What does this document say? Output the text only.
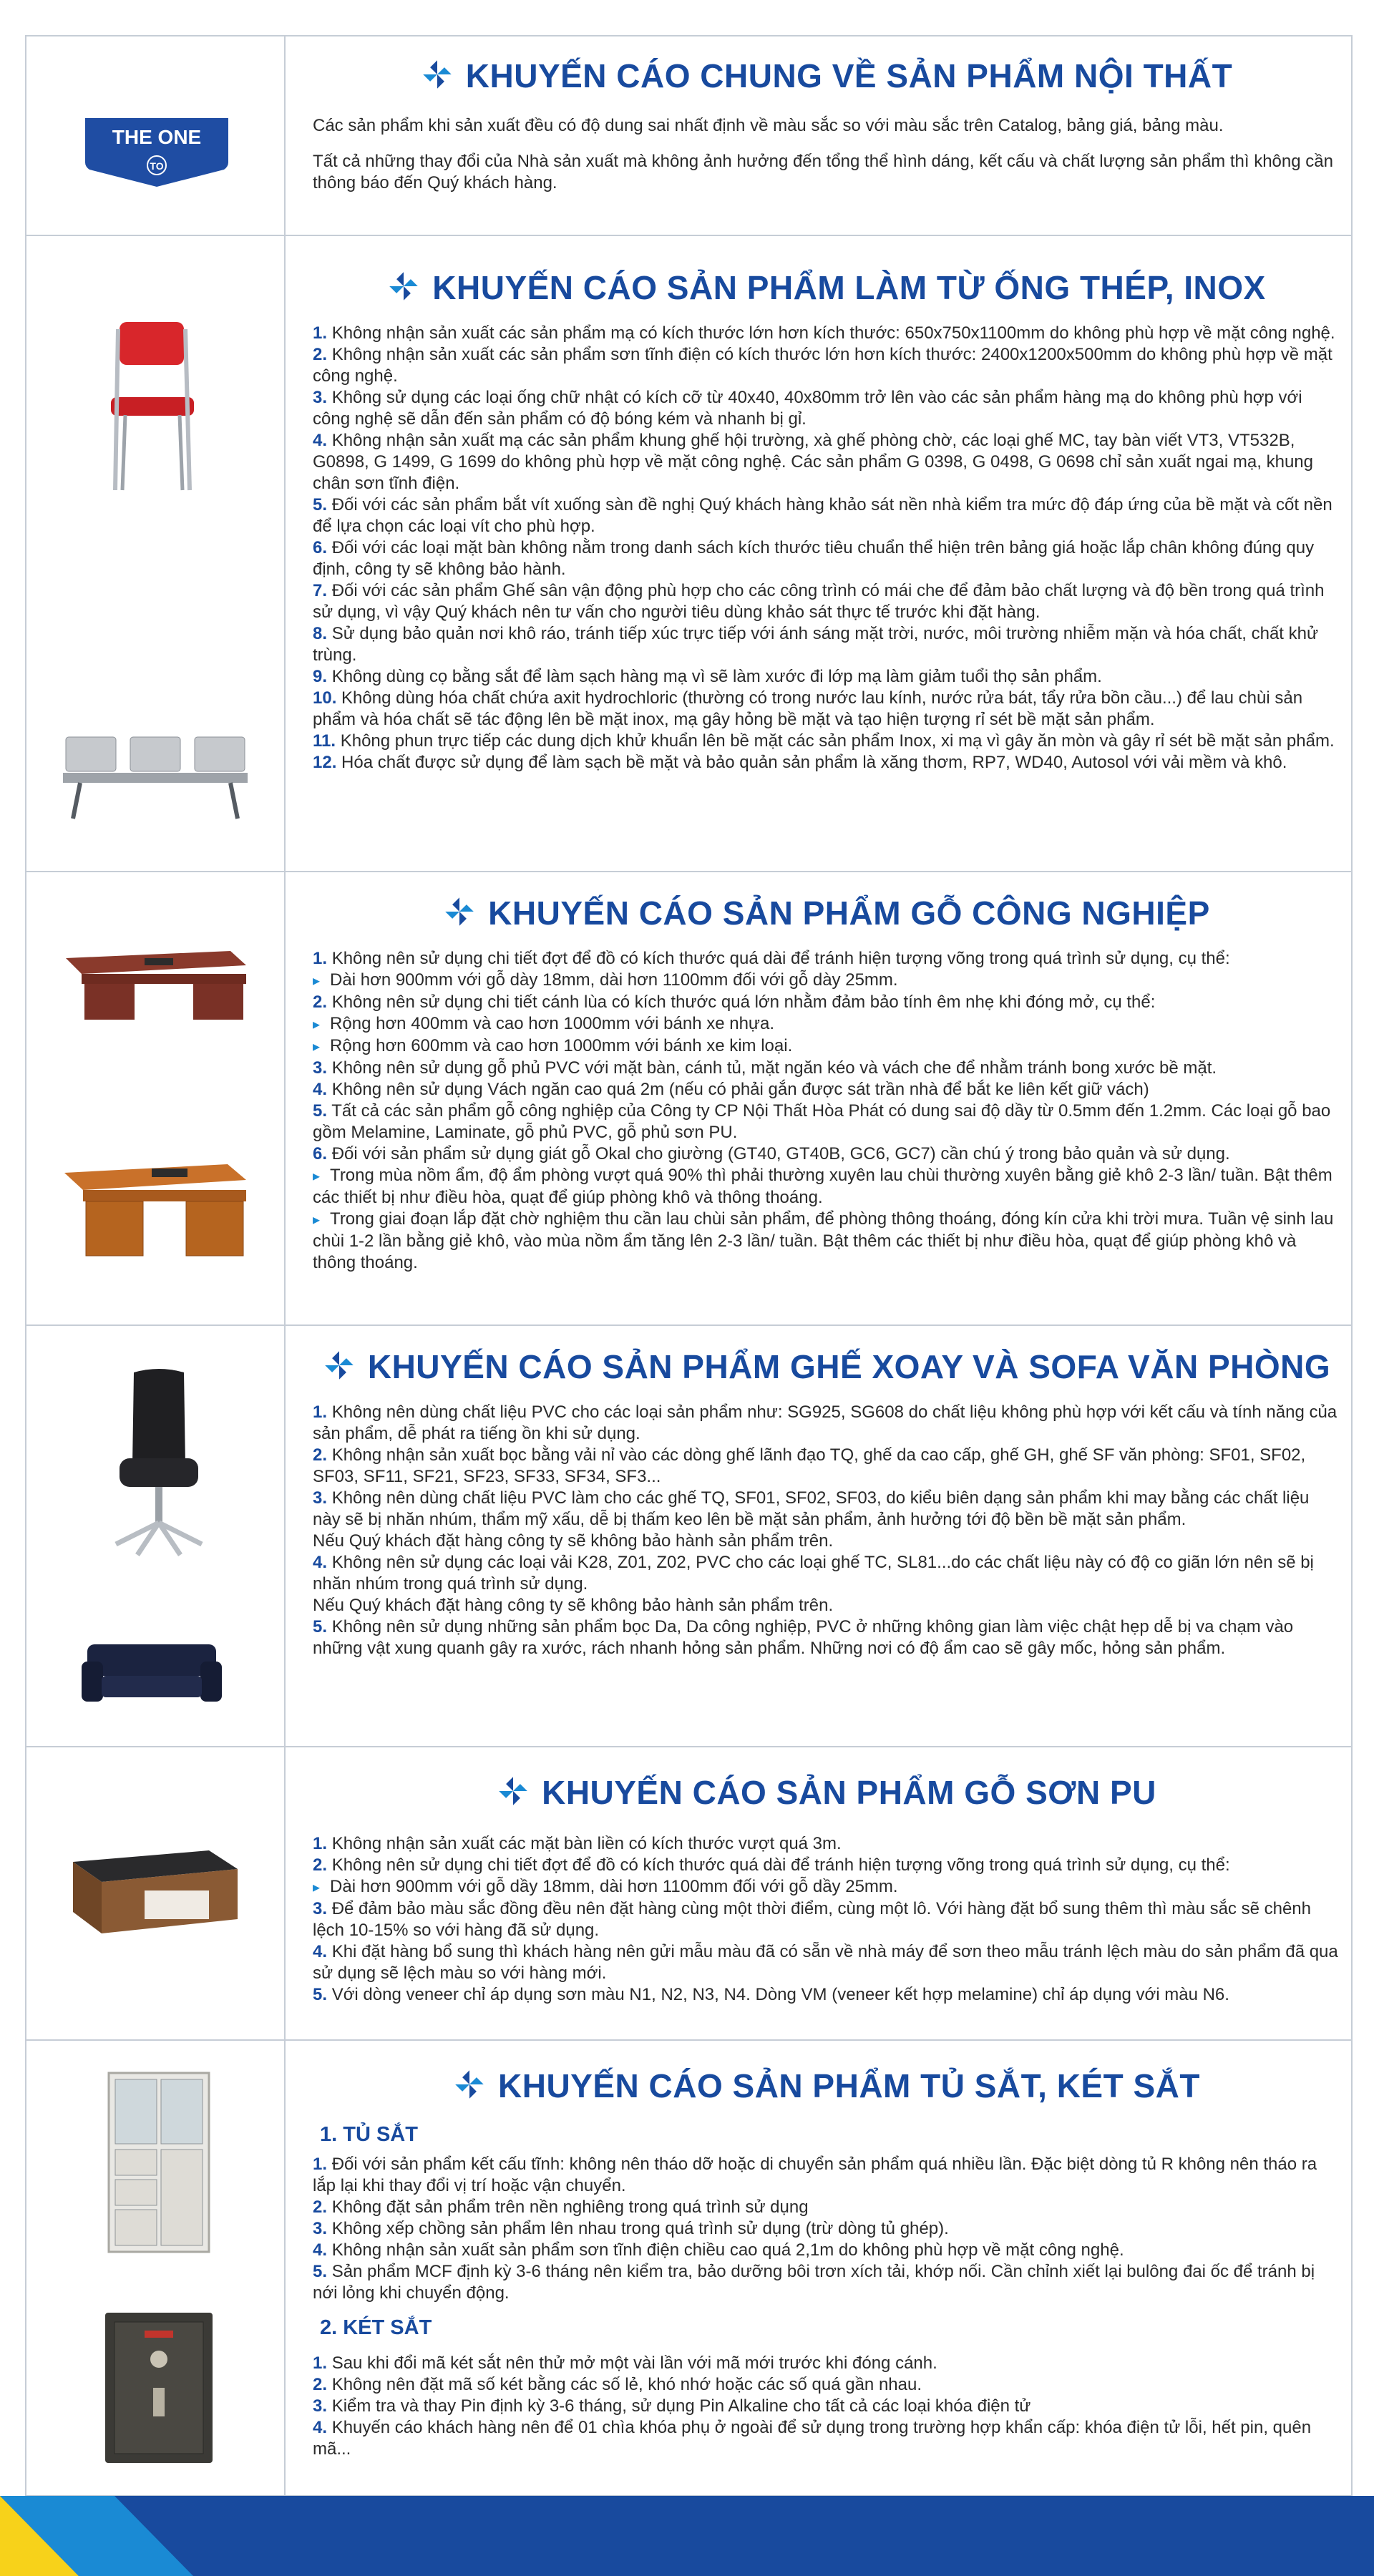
THE ONE
TO
KHUYẾN CÁO CHUNG VỀ SẢN PHẨM NỘI THẤT

Các sản phẩm khi sản xuất đều có độ dung sai nhất định về màu sắc so với màu sắc trên Catalog, bảng giá, bảng màu.

Tất cả những thay đổi của Nhà sản xuất mà không ảnh hưởng đến tổng thể hình dáng, kết cấu và chất lượng sản phẩm thì không cần thông báo đến Quý khách hàng.

KHUYẾN CÁO SẢN PHẨM LÀM TỪ ỐNG THÉP, INOX

1. Không nhận sản xuất các sản phẩm mạ có kích thước lớn hơn kích thước: 650x750x1100mm do không phù hợp về mặt công nghệ.

2. Không nhận sản xuất các sản phẩm sơn tĩnh điện có kích thước lớn hơn kích thước: 2400x1200x500mm do không phù hợp về mặt công nghệ.

3. Không sử dụng các loại ống chữ nhật có kích cỡ từ 40x40, 40x80mm trở lên vào các sản phẩm hàng mạ do không phù hợp với công nghệ sẽ dẫn đến sản phẩm có độ bóng kém và nhanh bị gỉ.

4. Không nhận sản xuất mạ các sản phẩm khung ghế hội trường, xà ghế phòng chờ, các loại ghế MC, tay bàn viết VT3, VT532B, G0898, G 1499, G 1699 do không phù hợp về mặt công nghệ. Các sản phẩm G 0398, G 0498, G 0698 chỉ sản xuất ngai mạ, khung chân sơn tĩnh điện.

5. Đối với các sản phẩm bắt vít xuống sàn đề nghị Quý khách hàng khảo sát nền nhà kiểm tra mức độ đáp ứng của bề mặt và cốt nền để lựa chọn các loại vít cho phù hợp.

6. Đối với các loại mặt bàn không nằm trong danh sách kích thước tiêu chuẩn thể hiện trên bảng giá hoặc lắp chân không đúng quy định, công ty sẽ không bảo hành.

7. Đối với các sản phẩm Ghế sân vận động phù hợp cho các công trình có mái che để đảm bảo chất lượng và độ bền trong quá trình sử dụng, vì vậy Quý khách nên tư vấn cho người tiêu dùng khảo sát thực tế trước khi đặt hàng.

8. Sử dụng bảo quản nơi khô ráo, tránh tiếp xúc trực tiếp với ánh sáng mặt trời, nước, môi trường nhiễm mặn và hóa chất, chất khử trùng.

9. Không dùng cọ bằng sắt để làm sạch hàng mạ vì sẽ làm xước đi lớp mạ làm giảm tuổi thọ sản phẩm.

10. Không dùng hóa chất chứa axit hydrochloric (thường có trong nước lau kính, nước rửa bát, tẩy rửa bồn cầu...) để lau chùi sản phẩm và hóa chất sẽ tác động lên bề mặt inox, mạ gây hỏng bề mặt và tạo hiện tượng rỉ sét bề mặt sản phẩm.

11. Không phun trực tiếp các dung dịch khử khuẩn lên bề mặt các sản phẩm Inox, xi mạ vì gây ăn mòn và gây rỉ sét bề mặt sản phẩm.

12. Hóa chất được sử dụng để làm sạch bề mặt và bảo quản sản phẩm là xăng thơm, RP7, WD40, Autosol với vải mềm và khô.

KHUYẾN CÁO SẢN PHẨM GỖ CÔNG NGHIỆP

1. Không nên sử dụng chi tiết đợt để đồ có kích thước quá dài để tránh hiện tượng võng trong quá trình sử dụng, cụ thể:

▸ Dài hơn 900mm với gỗ dày 18mm, dài hơn 1100mm đối với gỗ dày 25mm.

2. Không nên sử dụng chi tiết cánh lùa có kích thước quá lớn nhằm đảm bảo tính êm nhẹ khi đóng mở, cụ thể:

▸ Rộng hơn 400mm và cao hơn 1000mm với bánh xe nhựa.

▸ Rộng hơn 600mm và cao hơn 1000mm với bánh xe kim loại.

3. Không nên sử dụng gỗ phủ PVC với mặt bàn, cánh tủ, mặt ngăn kéo và vách che để nhằm tránh bong xước bề mặt.

4. Không nên sử dụng Vách ngăn cao quá 2m (nếu có phải gắn được sát trần nhà để bắt ke liên kết giữ vách)

5. Tất cả các sản phẩm gỗ công nghiệp của Công ty CP Nội Thất Hòa Phát có dung sai độ dầy từ 0.5mm đến 1.2mm. Các loại gỗ bao gồm Melamine, Laminate, gỗ phủ PVC, gỗ phủ sơn PU.

6. Đối với sản phẩm sử dụng giát gỗ Okal cho giường (GT40, GT40B, GC6, GC7) cần chú ý trong bảo quản và sử dụng.

▸ Trong mùa nồm ẩm, độ ẩm phòng vượt quá 90% thì phải thường xuyên lau chùi thường xuyên bằng giẻ khô 2-3 lần/ tuần. Bật thêm các thiết bị như điều hòa, quạt để giúp phòng khô và thông thoáng.

▸ Trong giai đoạn lắp đặt chờ nghiệm thu cần lau chùi sản phẩm, để phòng thông thoáng, đóng kín cửa khi trời mưa. Tuần vệ sinh lau chùi 1-2 lần bằng giẻ khô, vào mùa nồm ẩm tăng lên 2-3 lần/ tuần. Bật thêm các thiết bị như điều hòa, quạt để giúp phòng khô và thông thoáng.

KHUYẾN CÁO SẢN PHẨM GHẾ XOAY VÀ SOFA VĂN PHÒNG

1. Không nên dùng chất liệu PVC cho các loại sản phẩm như: SG925, SG608 do chất liệu không phù hợp với kết cấu và tính năng của sản phẩm, dễ phát ra tiếng ồn khi sử dụng.

2. Không nhận sản xuất bọc bằng vải nỉ vào các dòng ghế lãnh đạo TQ, ghế da cao cấp, ghế GH, ghế SF văn phòng: SF01, SF02, SF03, SF11, SF21, SF23, SF33, SF34, SF3...

3. Không nên dùng chất liệu PVC làm cho các ghế TQ, SF01, SF02, SF03, do kiểu biên dạng sản phẩm khi may bằng các chất liệu này sẽ bị nhăn nhúm, thẩm mỹ xấu, dễ bị thấm keo lên bề mặt sản phẩm, ảnh hưởng tới độ bền bề mặt sản phẩm.

Nếu Quý khách đặt hàng công ty sẽ không bảo hành sản phẩm trên.

4. Không nên sử dụng các loại vải K28, Z01, Z02, PVC cho các loại ghế TC, SL81...do các chất liệu này có độ co giãn lớn nên sẽ bị nhăn nhúm trong quá trình sử dụng.

Nếu Quý khách đặt hàng công ty sẽ không bảo hành sản phẩm trên.

5. Không nên sử dụng những sản phẩm bọc Da, Da công nghiệp, PVC ở những không gian làm việc chật hẹp dễ bị va chạm vào những vật xung quanh gây ra xước, rách nhanh hỏng sản phẩm. Những nơi có độ ẩm cao sẽ gây mốc, hỏng sản phẩm.

KHUYẾN CÁO SẢN PHẨM GỖ SƠN PU

1. Không nhận sản xuất các mặt bàn liền có kích thước vượt quá 3m.

2. Không nên sử dụng chi tiết đợt để đồ có kích thước quá dài để tránh hiện tượng võng trong quá trình sử dụng, cụ thể:

▸ Dài hơn 900mm với gỗ dầy 18mm, dài hơn 1100mm đối với gỗ dầy 25mm.

3. Để đảm bảo màu sắc đồng đều nên đặt hàng cùng một thời điểm, cùng một lô. Với hàng đặt bổ sung thêm thì màu sắc sẽ chênh lệch 10-15% so với hàng đã sử dụng.

4. Khi đặt hàng bổ sung thì khách hàng nên gửi mẫu màu đã có sẵn về nhà máy để sơn theo mẫu tránh lệch màu do sản phẩm đã qua sử dụng sẽ lệch màu so với hàng mới.

5. Với dòng veneer chỉ áp dụng sơn màu N1, N2, N3, N4. Dòng VM (veneer kết hợp melamine) chỉ áp dụng với màu N6.

KHUYẾN CÁO SẢN PHẨM TỦ SẮT, KÉT SẮT
1. TỦ SẮT

1. Đối với sản phẩm kết cấu tĩnh: không nên tháo dỡ hoặc di chuyển sản phẩm quá nhiều lần. Đặc biệt dòng tủ R không nên tháo ra lắp lại khi thay đổi vị trí hoặc vận chuyển.

2. Không đặt sản phẩm trên nền nghiêng trong quá trình sử dụng

3. Không xếp chồng sản phẩm lên nhau trong quá trình sử dụng (trừ dòng tủ ghép).

4. Không nhận sản xuất sản phẩm sơn tĩnh điện chiều cao quá 2,1m do không phù hợp về mặt công nghệ.

5. Sản phẩm MCF định kỳ 3-6 tháng nên kiểm tra, bảo dưỡng bôi trơn xích tải, khớp nối. Cần chỉnh xiết lại bulông đai ốc để tránh bị nới lỏng khi chuyển động.

2. KÉT SẮT

1. Sau khi đổi mã két sắt nên thử mở một vài lần với mã mới trước khi đóng cánh.

2. Không nên đặt mã số két bằng các số lẻ, khó nhớ hoặc các số quá gần nhau.

3. Kiểm tra và thay Pin định kỳ 3-6 tháng, sử dụng Pin Alkaline cho tất cả các loại khóa điện tử

4. Khuyến cáo khách hàng nên để 01 chìa khóa phụ ở ngoài để sử dụng trong trường hợp khẩn cấp: khóa điện tử lỗi, hết pin, quên mã...
